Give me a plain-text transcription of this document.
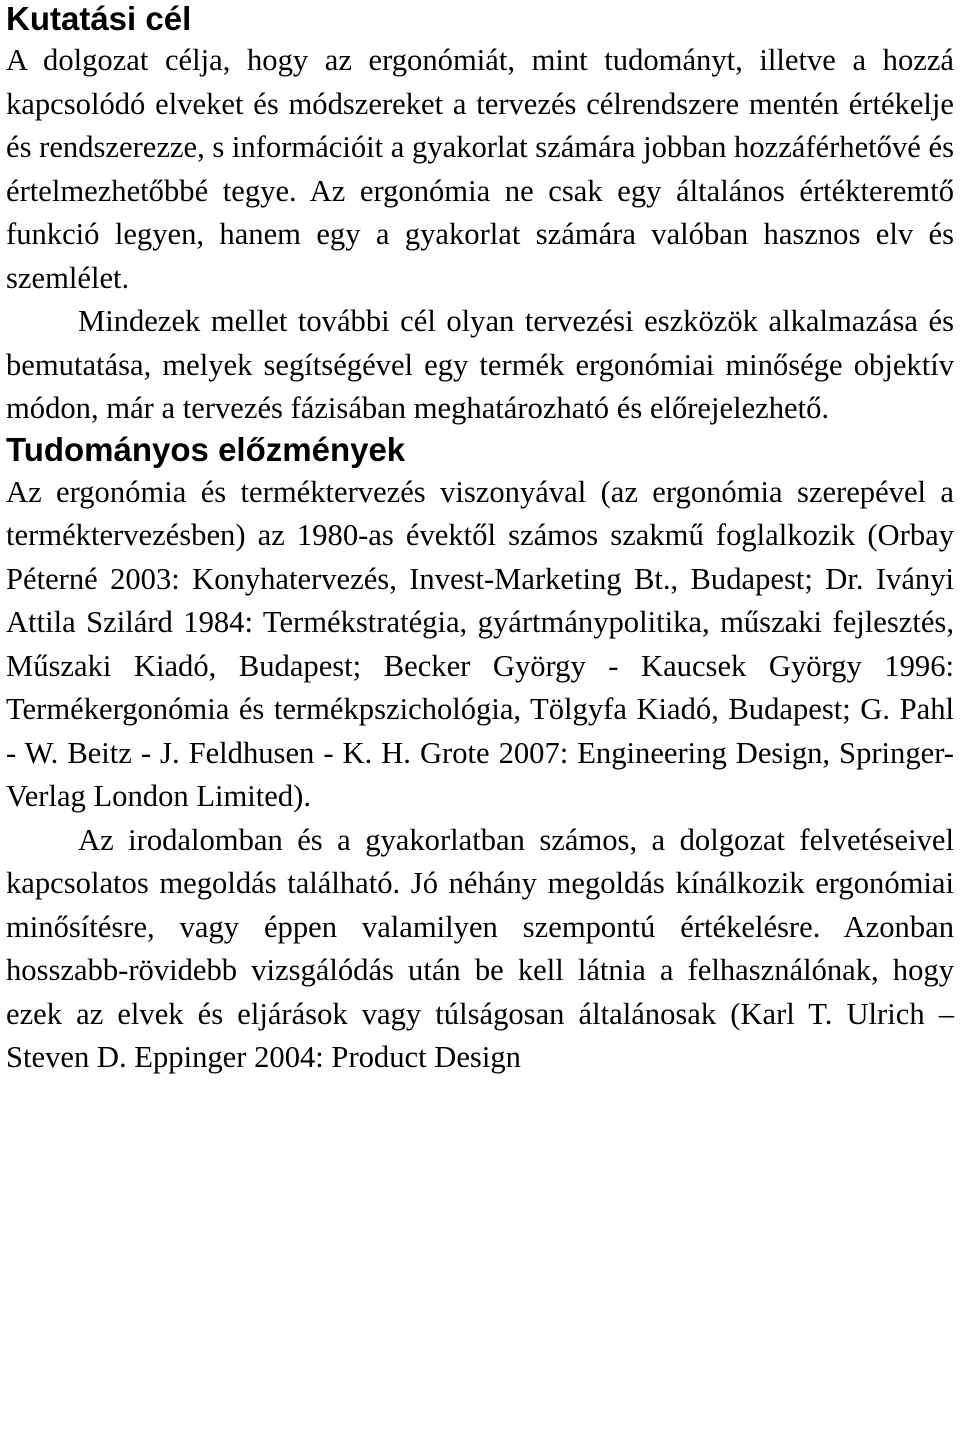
Kutatási cél

A dolgozat célja, hogy az ergonómiát, mint tudományt, illetve a hozzá kapcsolódó elveket és módszereket a tervezés célrendszere mentén értékelje és rendszerezze, s információit a gyakorlat számára jobban hozzáférhetővé és értelmezhetőbbé tegye. Az ergonómia ne csak egy általános értékteremtő funkció legyen, hanem egy a gyakorlat számára valóban hasznos elv és szemlélet.

Mindezek mellet további cél olyan tervezési eszközök alkalmazása és bemutatása, melyek segítségével egy termék ergonómiai minősége objektív módon, már a tervezés fázisában meghatározható és előrejelezhető.

Tudományos előzmények

Az ergonómia és terméktervezés viszonyával (az ergonómia szerepével a terméktervezésben) az 1980-as évektől számos szakmű foglalkozik (Orbay Péterné 2003: Konyhatervezés, Invest-Marketing Bt., Budapest; Dr. Iványi Attila Szilárd 1984: Termékstratégia, gyártmánypolitika, műszaki fejlesztés, Műszaki Kiadó, Budapest; Becker György - Kaucsek György 1996: Termékergonómia és termékpszichológia, Tölgyfa Kiadó, Budapest; G. Pahl - W. Beitz - J. Feldhusen - K. H. Grote 2007: Engineering Design, Springer-Verlag London Limited).

Az irodalomban és a gyakorlatban számos, a dolgozat felvetéseivel kapcsolatos megoldás található. Jó néhány megoldás kínálkozik ergonómiai minősítésre, vagy éppen valamilyen szempontú értékelésre. Azonban hosszabb-rövidebb vizsgálódás után be kell látnia a felhasználónak, hogy ezek az elvek és eljárások vagy túlságosan általánosak (Karl T. Ulrich – Steven D. Eppinger 2004: Product Design
